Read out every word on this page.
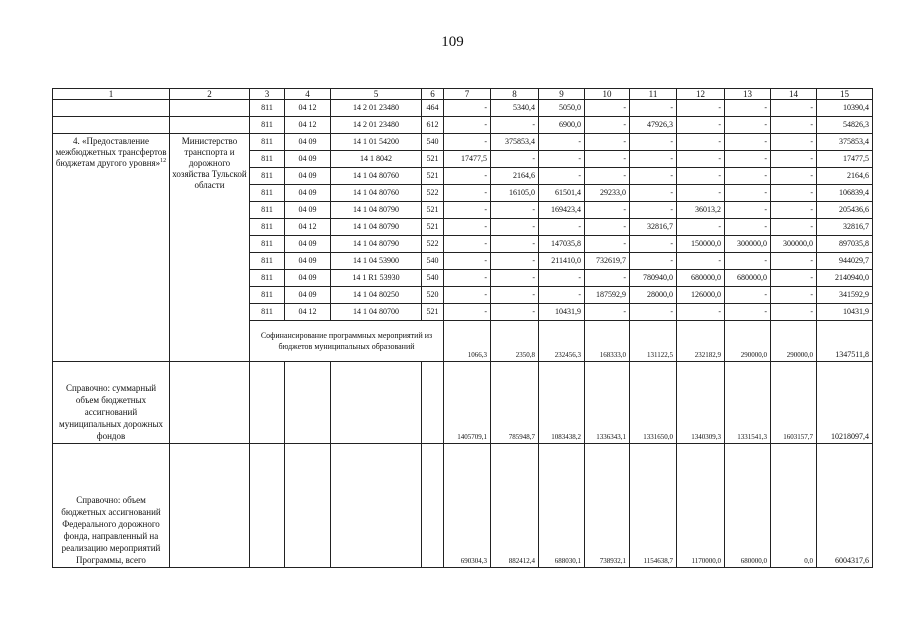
109
1	2	3	4	5	6	7	8	9	10	11	12	13	14	15
		811	04 12	14 2 01 23480	464	-	5340,4	5050,0	-	-	-	-	-	10390,4
		811	04 12	14 2 01 23480	612	-	-	6900,0	-	47926,3	-	-	-	54826,3
4. «Предоставление межбюджетных трансфертов бюджетам другого уровня»$^{12}$	Министерство транспорта и дорожного хозяйства Тульской области	811	04 09	14 1 01 54200	540	-	375853,4	-	-	-	-	-	-	375853,4
		811	04 09	14 1 8042	521	17477,5	-	-	-	-	-	-	-	17477,5
		811	04 09	14 1 04 80760	521	-	2164,6	-	-	-	-	-	-	2164,6
		811	04 09	14 1 04 80760	522	-	16105,0	61501,4	29233,0	-	-	-	-	106839,4
		811	04 09	14 1 04 80790	521	-	-	169423,4	-	-	36013,2	-	-	205436,6
		811	04 12	14 1 04 80790	521	-	-	-	-	32816,7	-	-	-	32816,7
		811	04 09	14 1 04 80790	522	-	-	147035,8	-	-	150000,0	300000,0	300000,0	897035,8
		811	04 09	14 1 04 53900	540	-	-	211410,0	732619,7	-	-	-	-	944029,7
		811	04 09	14 1 R1 53930	540	-	-	-	-	780940,0	680000,0	680000,0	-	2140940,0
		811	04 09	14 1 04 80250	520	-	-	-	187592,9	28000,0	126000,0	-	-	341592,9
		811	04 12	14 1 04 80700	521	-	-	10431,9	-	-	-	-	-	10431,9
		Софинансирование программных мероприятий из бюджетов муниципальных образований				1066,3	2350,8	232456,3	168333,0	131122,5	232182,9	290000,0	290000,0	1347511,8
Справочно: суммарный объем бюджетных ассигнований муниципальных дорожных фондов						1405709,1	785948,7	1083438,2	1336343,1	1331650,0	1340309,3	1331541,3	1603157,7	10218097,4
Справочно: объем бюджетных ассигнований Федерального дорожного фонда, направленный на реализацию мероприятий Программы, всего						690304,3	882412,4	688030,1	738932,1	1154638,7	1170000,0	680000,0	0,0	6004317,6
